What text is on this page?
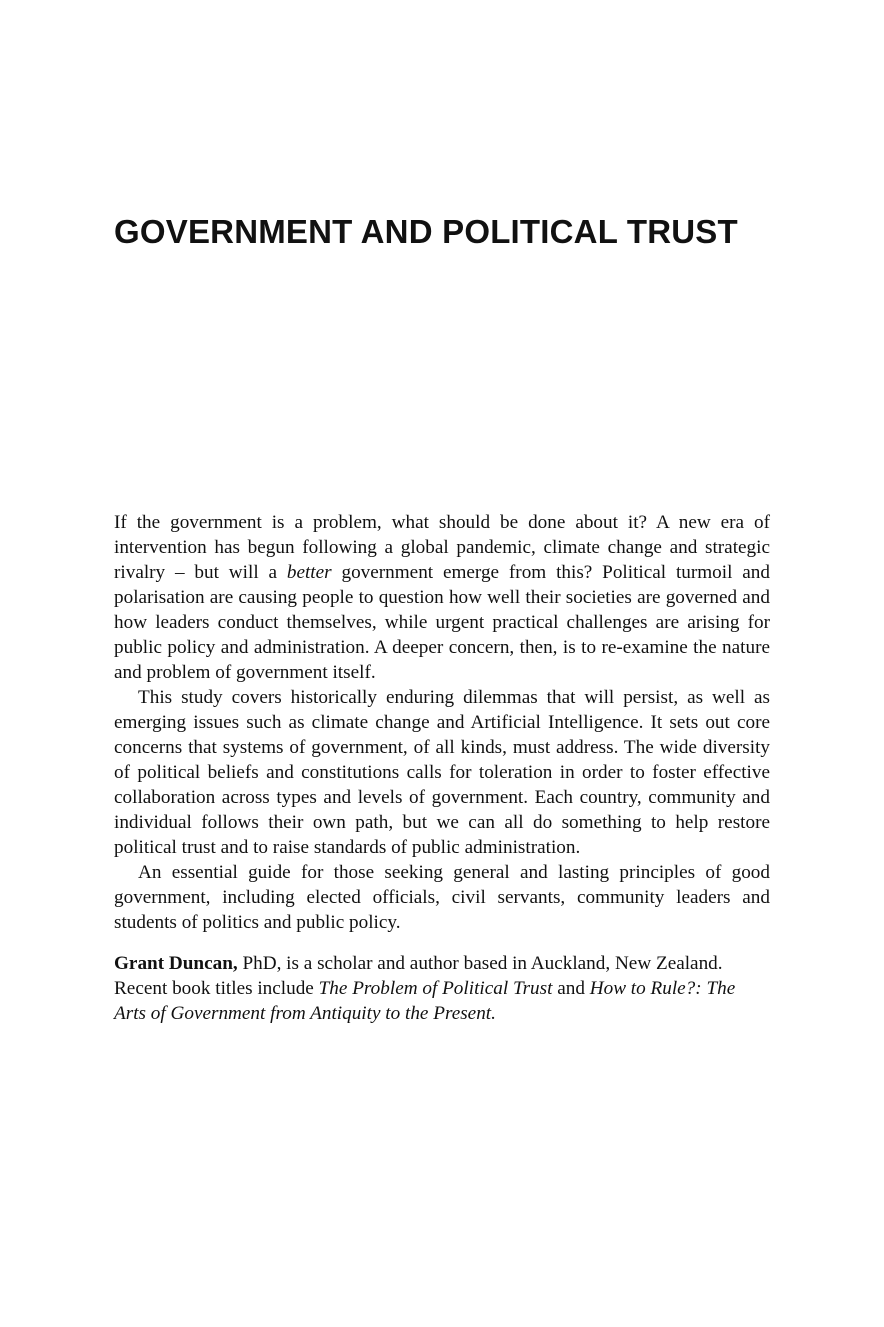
GOVERNMENT AND POLITICAL TRUST

If the government is a problem, what should be done about it? A new era of intervention has begun following a global pandemic, climate change and strategic rivalry – but will a better government emerge from this? Political turmoil and polarisation are causing people to question how well their societies are governed and how leaders conduct themselves, while urgent practical challenges are arising for public policy and administration. A deeper concern, then, is to re-examine the nature and problem of government itself.

This study covers historically enduring dilemmas that will persist, as well as emerging issues such as climate change and Artificial Intelligence. It sets out core concerns that systems of government, of all kinds, must address. The wide diversity of political beliefs and constitutions calls for toleration in order to foster effective collaboration across types and levels of government. Each country, community and individual follows their own path, but we can all do something to help restore political trust and to raise standards of public administration.

An essential guide for those seeking general and lasting principles of good government, including elected officials, civil servants, community leaders and students of politics and public policy.

Grant Duncan, PhD, is a scholar and author based in Auckland, New Zealand. Recent book titles include The Problem of Political Trust and How to Rule?: The Arts of Government from Antiquity to the Present.
